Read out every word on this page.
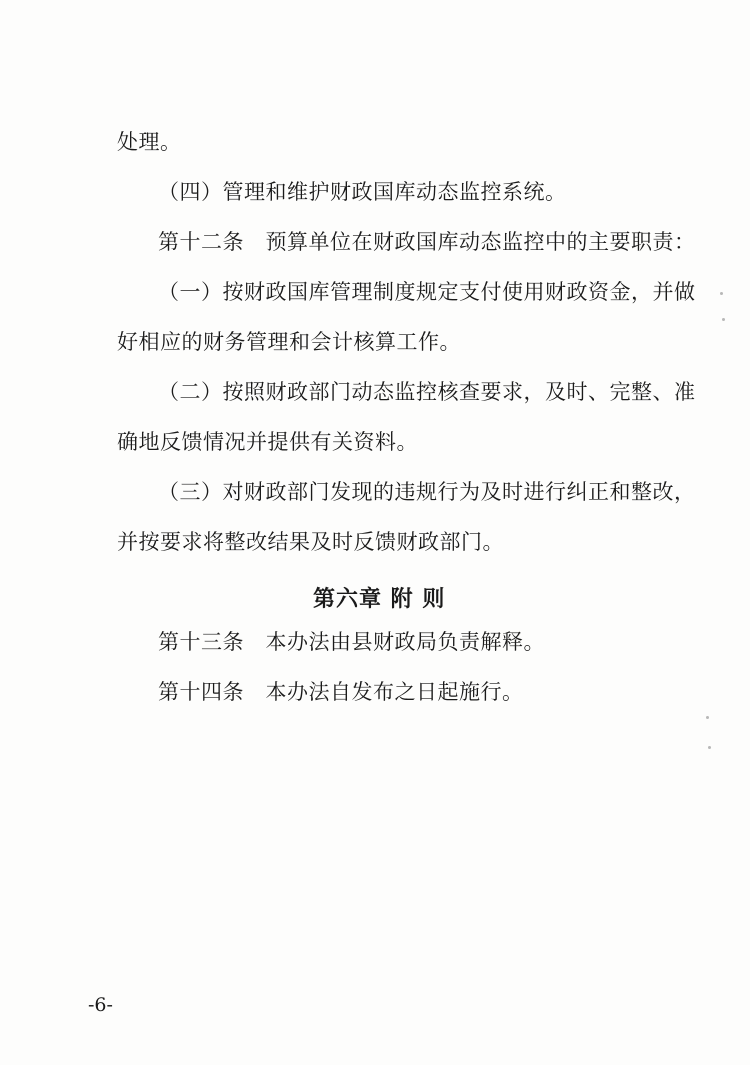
处理。
（四）管理和维护财政国库动态监控系统。
第十二条　预算单位在财政国库动态监控中的主要职责：
（一）按财政国库管理制度规定支付使用财政资金，并做
好相应的财务管理和会计核算工作。
（二）按照财政部门动态监控核查要求，及时、完整、准
确地反馈情况并提供有关资料。
（三）对财政部门发现的违规行为及时进行纠正和整改，
并按要求将整改结果及时反馈财政部门。
第六章 附 则
第十三条　本办法由县财政局负责解释。
第十四条　本办法自发布之日起施行。
-6-
